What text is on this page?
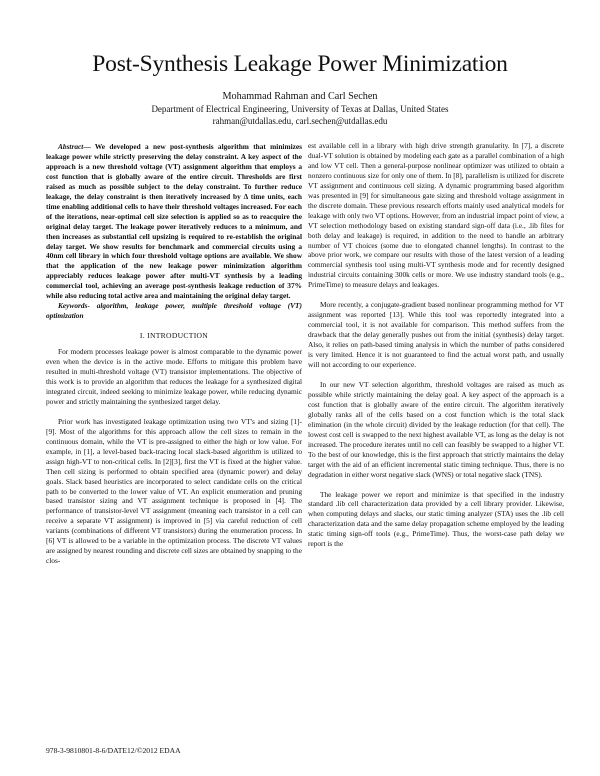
Post-Synthesis Leakage Power Minimization
Mohammad Rahman and Carl Sechen
Department of Electrical Engineering, University of Texas at Dallas, United States
rahman@utdallas.edu, carl.sechen@utdallas.edu

Abstract— We developed a new post-synthesis algorithm that minimizes leakage power while strictly preserving the delay constraint. A key aspect of the approach is a new threshold voltage (VT) assignment algorithm that employs a cost function that is globally aware of the entire circuit. Thresholds are first raised as much as possible subject to the delay constraint. To further reduce leakage, the delay constraint is then iteratively increased by Δ time units, each time enabling additional cells to have their threshold voltages increased. For each of the iterations, near-optimal cell size selection is applied so as to reacquire the original delay target. The leakage power iteratively reduces to a minimum, and then increases as substantial cell upsizing is required to re-establish the original delay target. We show results for benchmark and commercial circuits using a 40nm cell library in which four threshold voltage options are available. We show that the application of the new leakage power minimization algorithm appreciably reduces leakage power after multi-VT synthesis by a leading commercial tool, achieving an average post-synthesis leakage reduction of 37% while also reducing total active area and maintaining the original delay target.

Keywords- algorithm, leakage power, multiple threshold voltage (VT) optimization

I. INTRODUCTION

For modern processes leakage power is almost comparable to the dynamic power even when the device is in the active mode. Efforts to mitigate this problem have resulted in multi-threshold voltage (VT) transistor implementations. The objective of this work is to provide an algorithm that reduces the leakage for a synthesized digital integrated circuit, indeed seeking to minimize leakage power, while reducing dynamic power and strictly maintaining the synthesized target delay.

Prior work has investigated leakage optimization using two VT's and sizing [1]-[9]. Most of the algorithms for this approach allow the cell sizes to remain in the continuous domain, while the VT is pre-assigned to either the high or low value. For example, in [1], a level-based back-tracing local slack-based algorithm is utilized to assign high-VT to non-critical cells. In [2][3], first the VT is fixed at the higher value. Then cell sizing is performed to obtain specified area (dynamic power) and delay goals. Slack based heuristics are incorporated to select candidate cells on the critical path to be converted to the lower value of VT. An explicit enumeration and pruning based transistor sizing and VT assignment technique is proposed in [4]. The performance of transistor-level VT assignment (meaning each transistor in a cell can receive a separate VT assignment) is improved in [5] via careful reduction of cell variants (combinations of different VT transistors) during the enumeration process. In [6] VT is allowed to be a variable in the optimization process. The discrete VT values are assigned by nearest rounding and discrete cell sizes are obtained by snapping to the clos-

est available cell in a library with high drive strength granularity. In [7], a discrete dual-VT solution is obtained by modeling each gate as a parallel combination of a high and low VT cell. Then a general-purpose nonlinear optimizer was utilized to obtain a nonzero continuous size for only one of them. In [8], parallelism is utilized for discrete VT assignment and continuous cell sizing. A dynamic programming based algorithm was presented in [9] for simultaneous gate sizing and threshold voltage assignment in the discrete domain. These previous research efforts mainly used analytical models for leakage with only two VT options. However, from an industrial impact point of view, a VT selection methodology based on existing standard sign-off data (i.e., .lib files for both delay and leakage) is required, in addition to the need to handle an arbitrary number of VT choices (some due to elongated channel lengths). In contrast to the above prior work, we compare our results with those of the latest version of a leading commercial synthesis tool using multi-VT synthesis mode and for recently designed industrial circuits containing 300k cells or more. We use industry standard tools (e.g., PrimeTime) to measure delays and leakages.

More recently, a conjugate-gradient based nonlinear programming method for VT assignment was reported [13]. While this tool was reportedly integrated into a commercial tool, it is not available for comparison. This method suffers from the drawback that the delay generally pushes out from the initial (synthesis) delay target. Also, it relies on path-based timing analysis in which the number of paths considered is very limited. Hence it is not guaranteed to find the actual worst path, and usually will not according to our experience.

In our new VT selection algorithm, threshold voltages are raised as much as possible while strictly maintaining the delay goal. A key aspect of the approach is a cost function that is globally aware of the entire circuit. The algorithm iteratively globally ranks all of the cells based on a cost function which is the total slack elimination (in the whole circuit) divided by the leakage reduction (for that cell). The lowest cost cell is swapped to the next highest available VT, as long as the delay is not increased. The procedure iterates until no cell can feasibly be swapped to a higher VT. To the best of our knowledge, this is the first approach that strictly maintains the delay target with the aid of an efficient incremental static timing technique. Thus, there is no degradation in either worst negative slack (WNS) or total negative slack (TNS).

The leakage power we report and minimize is that specified in the industry standard .lib cell characterization data provided by a cell library provider. Likewise, when computing delays and slacks, our static timing analyzer (STA) uses the .lib cell characterization data and the same delay propagation scheme employed by the leading static timing sign-off tools (e.g., PrimeTime). Thus, the worst-case path delay we report is the

978-3-9810801-8-6/DATE12/©2012 EDAA
